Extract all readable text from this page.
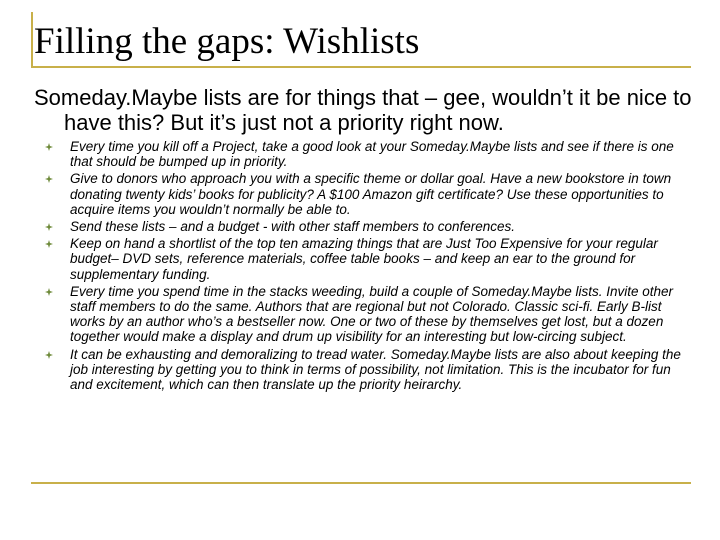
Filling the gaps: Wishlists
Someday.Maybe lists are for things that – gee, wouldn’t it be nice to have this? But it’s just not a priority right now.
Every time you kill off a Project, take a good look at your Someday.Maybe lists and see if there is one that should be bumped up in priority.
Give to donors who approach you with a specific theme or dollar goal. Have a new bookstore in town donating twenty kids’ books for publicity? A $100 Amazon gift certificate? Use these opportunities to acquire items you wouldn’t normally be able to.
Send these lists – and a budget - with other staff members to conferences.
Keep on hand a shortlist of the top ten amazing things that are Just Too Expensive for your regular budget– DVD sets, reference materials, coffee table books – and keep an ear to the ground for supplementary funding.
Every time you spend time in the stacks weeding, build a couple of Someday.Maybe lists. Invite other staff members to do the same. Authors that are regional but not Colorado. Classic sci-fi. Early B-list works by an author who’s a bestseller now. One or two of these by themselves get lost, but a dozen together would make a display and drum up visibility for an interesting but low-circing subject.
It can be exhausting and demoralizing to tread water. Someday.Maybe lists are also about keeping the job interesting by getting you to think in terms of possibility, not limitation. This is the incubator for fun and excitement, which can then translate up the priority heirarchy.
